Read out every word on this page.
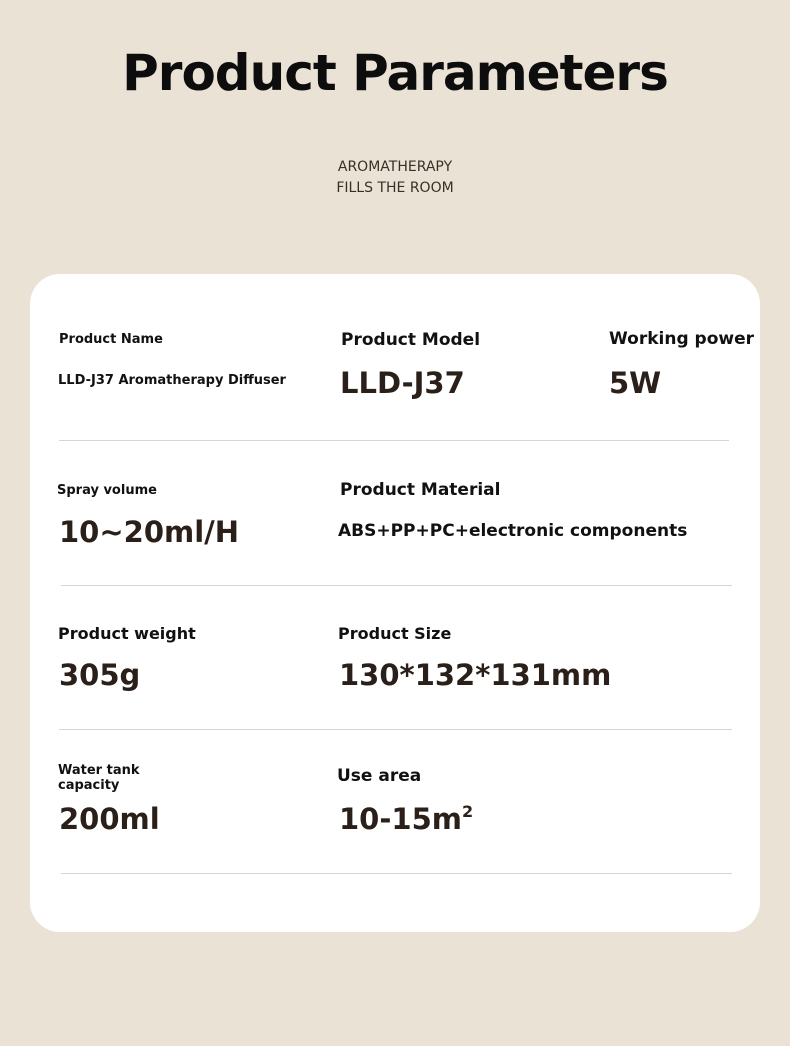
Product Parameters
AROMATHERAPY
FILLS THE ROOM
Product Name
LLD-J37 Aromatherapy Diffuser
Product Model
LLD-J37
Working power
5W
Spray volume
10~20ml/H
Product Material
ABS+PP+PC+electronic components
Product weight
305g
Product Size
130*132*131mm
Water tank
capacity
200ml
Use area
$10-15m^2$
